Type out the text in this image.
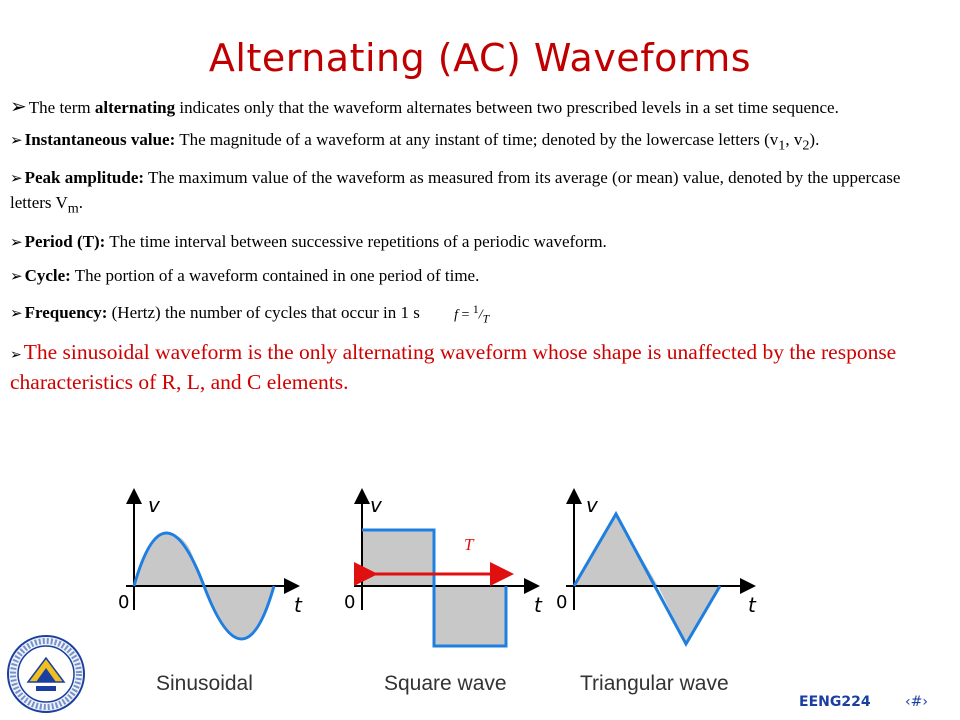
Alternating (AC) Waveforms
➢ The term alternating indicates only that the waveform alternates between two prescribed levels in a set time sequence.
➢ Instantaneous value: The magnitude of a waveform at any instant of time; denoted by the lowercase letters ($v_1$, $v_2$).
➢ Peak amplitude: The maximum value of the waveform as measured from its average (or mean) value, denoted by the uppercase letters $V_m$.
➢ Period (T): The time interval between successive repetitions of a periodic waveform.
➢ Cycle: The portion of a waveform contained in one period of time.
➢ Frequency: (Hertz) the number of cycles that occur in 1 s $f = ^1/_T$
➢The sinusoidal waveform is the only alternating waveform whose shape is unaffected by the response characteristics of R, L, and C elements.
v
t
0
Sinusoidal
T
v
t
0
Square wave
v
t
0
Triangular wave
EENG224 ‹#›
